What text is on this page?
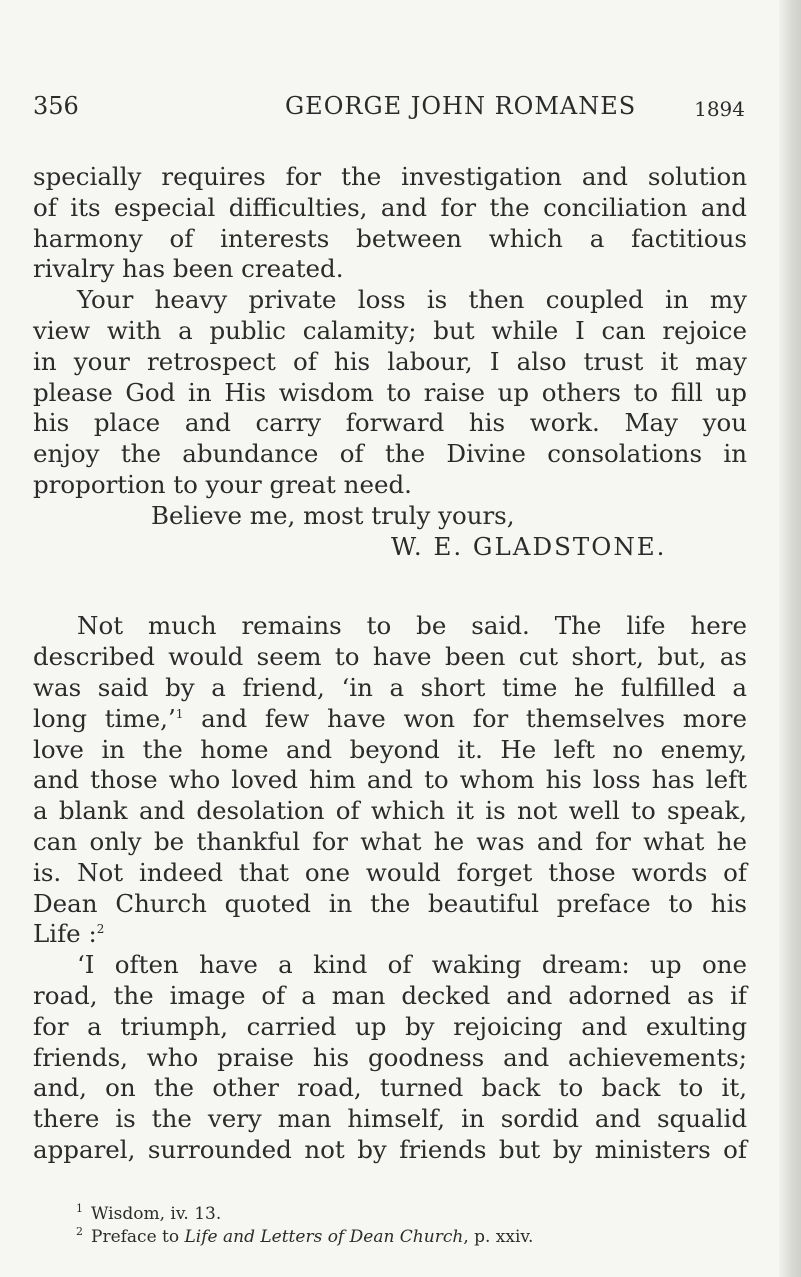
356	GEORGE JOHN ROMANES	1894
specially requires for the investigation and solution
of its especial difficulties, and for the conciliation and
harmony of interests between which a factitious
rivalry has been created.
Your heavy private loss is then coupled in my
view with a public calamity; but while I can rejoice
in your retrospect of his labour, I also trust it may
please God in His wisdom to raise up others to fill up
his place and carry forward his work. May you
enjoy the abundance of the Divine consolations in
proportion to your great need.
Believe me, most truly yours,
W. E. GLADSTONE.
Not much remains to be said. The life here
described would seem to have been cut short, but, as
was said by a friend, ‘in a short time he fulfilled a
long time,’$^1$ and few have won for themselves more
love in the home and beyond it. He left no enemy,
and those who loved him and to whom his loss has left
a blank and desolation of which it is not well to speak,
can only be thankful for what he was and for what he
is. Not indeed that one would forget those words of
Dean Church quoted in the beautiful preface to his
Life :$^2$
‘I often have a kind of waking dream: up one
road, the image of a man decked and adorned as if
for a triumph, carried up by rejoicing and exulting
friends, who praise his goodness and achievements;
and, on the other road, turned back to back to it,
there is the very man himself, in sordid and squalid
apparel, surrounded not by friends but by ministers of
$^1$ Wisdom, iv. 13.
$^2$ Preface to Life and Letters of Dean Church, p. xxiv.
